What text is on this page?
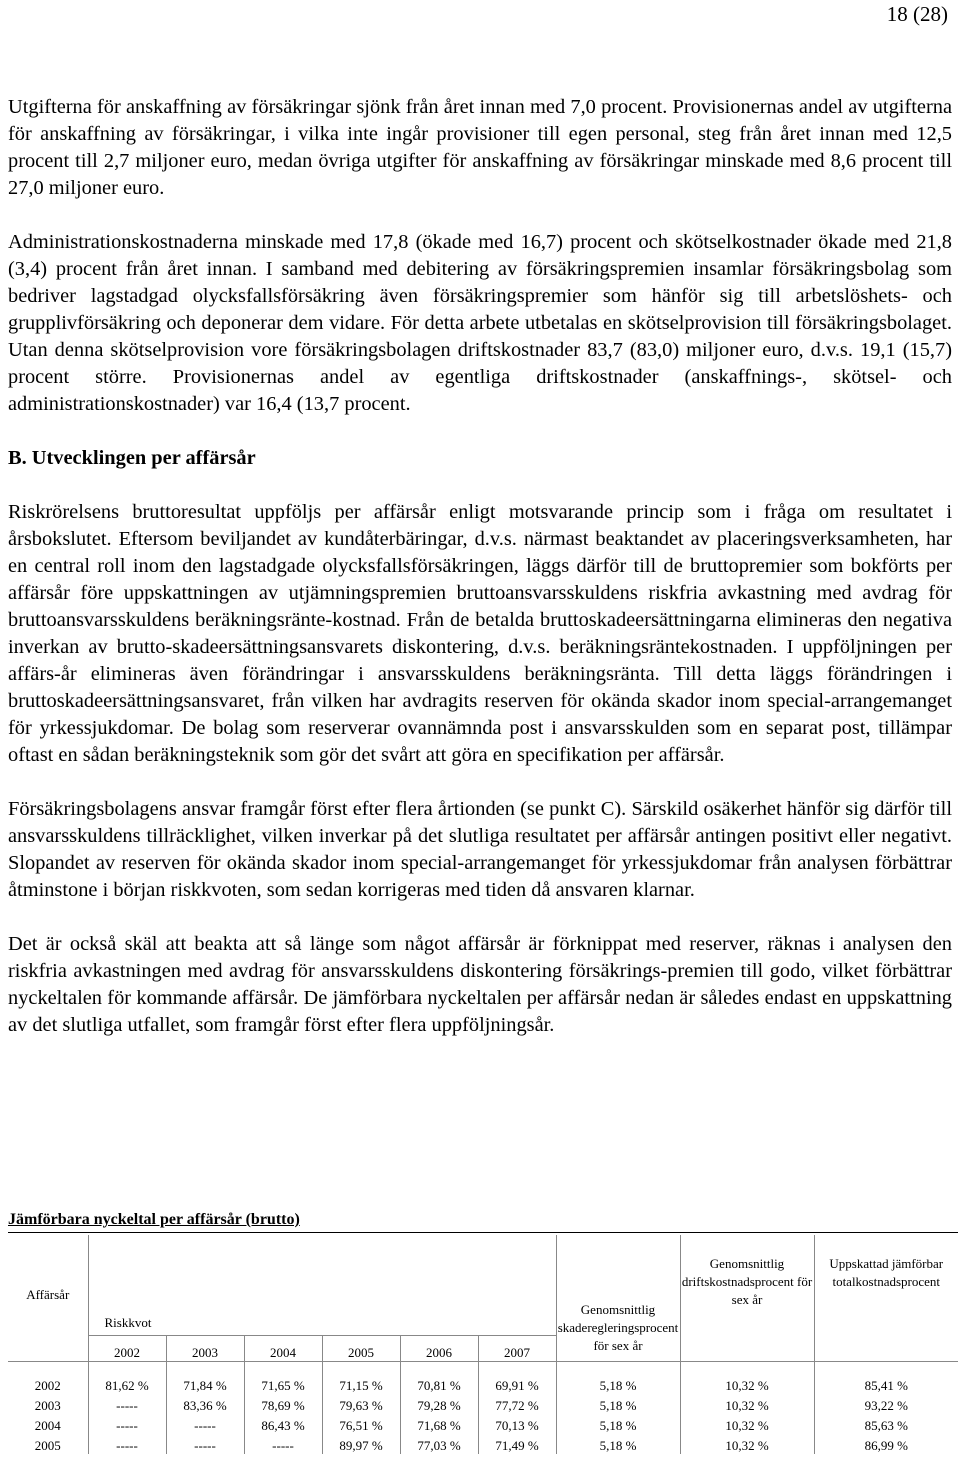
18 (28)

Utgifterna för anskaffning av försäkringar sjönk från året innan med 7,0 procent. Provisionernas andel av utgifterna för anskaffning av försäkringar, i vilka inte ingår provisioner till egen personal, steg från året innan med 12,5 procent till 2,7 miljoner euro, medan övriga utgifter för anskaffning av försäkringar minskade med 8,6 procent till 27,0 miljoner euro.

Administrationskostnaderna minskade med 17,8 (ökade med 16,7) procent och skötselkostnader ökade med 21,8 (3,4) procent från året innan. I samband med debitering av försäkringspremien insamlar försäkringsbolag som bedriver lagstadgad olycksfallsförsäkring även försäkringspremier som hänför sig till arbetslöshets- och grupplivförsäkring och deponerar dem vidare. För detta arbete utbetalas en skötselprovision till försäkringsbolaget. Utan denna skötselprovision vore försäkringsbolagen driftskostnader 83,7 (83,0) miljoner euro, d.v.s. 19,1 (15,7) procent större. Provisionernas andel av egentliga driftskostnader (anskaffnings-, skötsel- och administrationskostnader) var 16,4 (13,7 procent.

B. Utvecklingen per affärsår

Riskrörelsens bruttoresultat uppföljs per affärsår enligt motsvarande princip som i fråga om resultatet i årsbokslutet. Eftersom beviljandet av kundåterbäringar, d.v.s. närmast beaktandet av placeringsverksamheten, har en central roll inom den lagstadgade olycksfallsförsäkringen, läggs därför till de bruttopremier som bokförts per affärsår före uppskattningen av utjämningspremien bruttoansvarsskuldens riskfria avkastning med avdrag för bruttoansvarsskuldens beräkningsränte-kostnad. Från de betalda bruttoskadeersättningarna elimineras den negativa inverkan av brutto-skadeersättningsansvarets diskontering, d.v.s. beräkningsräntekostnaden. I uppföljningen per affärs-år elimineras även förändringar i ansvarsskuldens beräkningsränta. Till detta läggs förändringen i bruttoskadeersättningsansvaret, från vilken har avdragits reserven för okända skador inom special-arrangemanget för yrkessjukdomar. De bolag som reserverar ovannämnda post i ansvarsskulden som en separat post, tillämpar oftast en sådan beräkningsteknik som gör det svårt att göra en specifikation per affärsår.

Försäkringsbolagens ansvar framgår först efter flera årtionden (se punkt C). Särskild osäkerhet hänför sig därför till ansvarsskuldens tillräcklighet, vilken inverkar på det slutliga resultatet per affärsår antingen positivt eller negativt. Slopandet av reserven för okända skador inom special-arrangemanget för yrkessjukdomar från analysen förbättrar åtminstone i början riskkvoten, som sedan korrigeras med tiden då ansvaren klarnar.

Det är också skäl att beakta att så länge som något affärsår är förknippat med reserver, räknas i analysen den riskfria avkastningen med avdrag för ansvarsskuldens diskontering försäkrings-premien till godo, vilket förbättrar nyckeltalen för kommande affärsår. De jämförbara nyckeltalen per affärsår nedan är således endast en uppskattning av det slutliga utfallet, som framgår först efter flera uppföljningsår.

Jämförbara nyckeltal per affärsår (brutto)
Affärsår	Riskkvot						Genomsnittlig skaderegleringsprocent för sex år	Genomsnittlig driftskostnadsprocent för sex år	Uppskattad jämförbar totalkostnadsprocent
	2002	2003	2004	2005	2006	2007			

2002	81,62 %	71,84 %	71,65 %	71,15 %	70,81 %	69,91 %	5,18 %	10,32 %	85,41 %
2003	-----	83,36 %	78,69 %	79,63 %	79,28 %	77,72 %	5,18 %	10,32 %	93,22 %
2004	-----	-----	86,43 %	76,51 %	71,68 %	70,13 %	5,18 %	10,32 %	85,63 %
2005	-----	-----	-----	89,97 %	77,03 %	71,49 %	5,18 %	10,32 %	86,99 %
